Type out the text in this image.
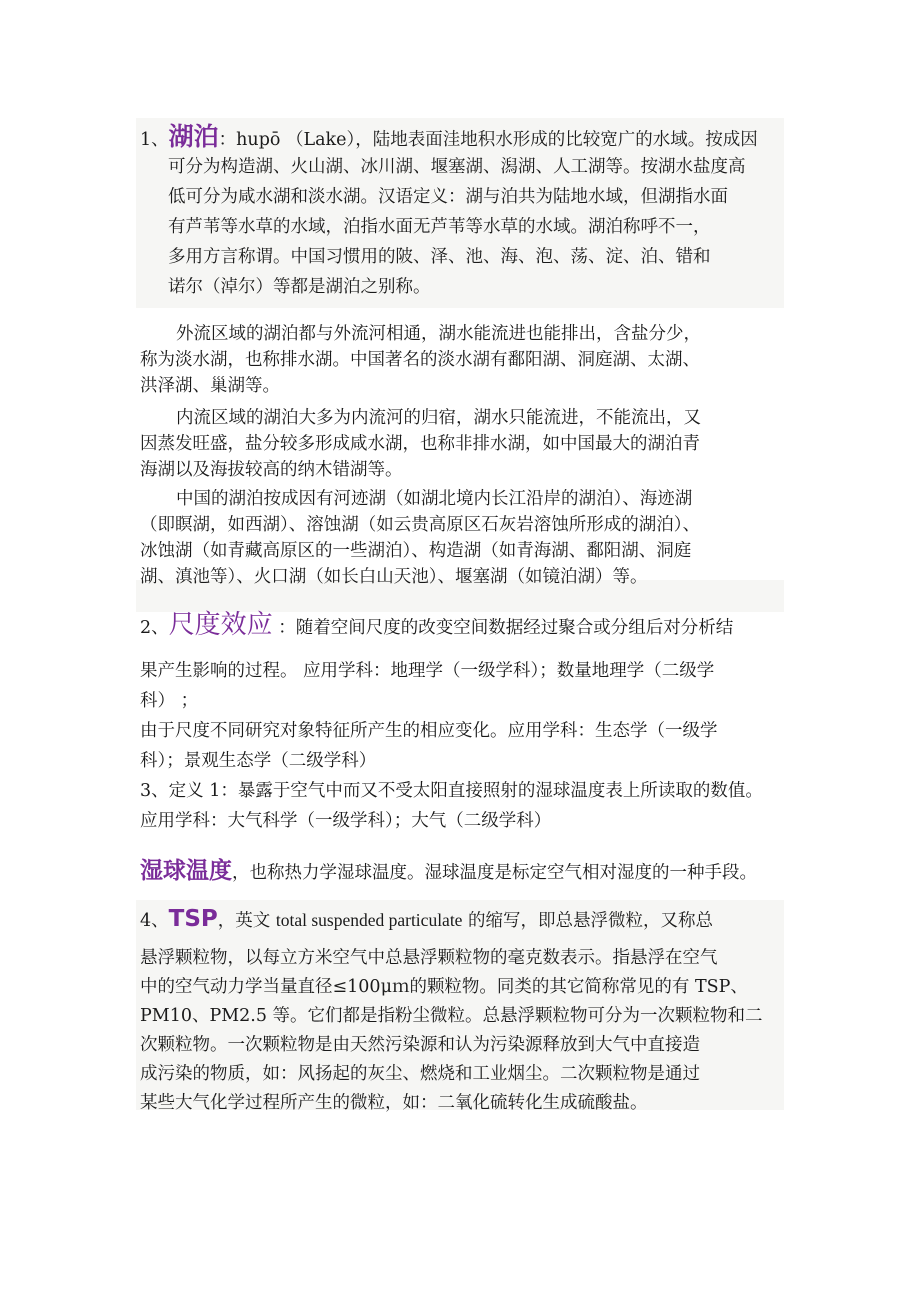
1、湖泊：hupō （Lake），陆地表面洼地积水形成的比较宽广的水域。按成因
可分为构造湖、火山湖、冰川湖、堰塞湖、潟湖、人工湖等。按湖水盐度高
低可分为咸水湖和淡水湖。汉语定义：湖与泊共为陆地水域，但湖指水面
有芦苇等水草的水域，泊指水面无芦苇等水草的水域。湖泊称呼不一，
多用方言称谓。中国习惯用的陂、泽、池、海、泡、荡、淀、泊、错和
诺尔（淖尔）等都是湖泊之别称。
外流区域的湖泊都与外流河相通，湖水能流进也能排出，含盐分少，
称为淡水湖，也称排水湖。中国著名的淡水湖有鄱阳湖、洞庭湖、太湖、
洪泽湖、巢湖等。
内流区域的湖泊大多为内流河的归宿，湖水只能流进，不能流出，又
因蒸发旺盛，盐分较多形成咸水湖，也称非排水湖，如中国最大的湖泊青
海湖以及海拔较高的纳木错湖等。
中国的湖泊按成因有河迹湖（如湖北境内长江沿岸的湖泊）、海迹湖
（即瞑湖，如西湖）、溶蚀湖（如云贵高原区石灰岩溶蚀所形成的湖泊）、
冰蚀湖（如青藏高原区的一些湖泊）、构造湖（如青海湖、鄱阳湖、洞庭
湖、滇池等）、火口湖（如长白山天池）、堰塞湖（如镜泊湖）等。
2、尺度效应 ：随着空间尺度的改变空间数据经过聚合或分组后对分析结
果产生影响的过程。 应用学科：地理学（一级学科）；数量地理学（二级学
科） ；
由于尺度不同研究对象特征所产生的相应变化。应用学科：生态学（一级学
科）；景观生态学（二级学科）
3、定义 1：暴露于空气中而又不受太阳直接照射的湿球温度表上所读取的数值。
应用学科：大气科学（一级学科）；大气（二级学科）
湿球温度，也称热力学湿球温度。湿球温度是标定空气相对湿度的一种手段。
4、TSP，英文 total suspended particulate 的缩写，即总悬浮微粒，又称总
悬浮颗粒物，以每立方米空气中总悬浮颗粒物的毫克数表示。指悬浮在空气
中的空气动力学当量直径≤100μｍ的颗粒物。同类的其它简称常见的有 TSP、
PM10、PM2.5 等。它们都是指粉尘微粒。总悬浮颗粒物可分为一次颗粒物和二
次颗粒物。一次颗粒物是由天然污染源和认为污染源释放到大气中直接造
成污染的物质，如：风扬起的灰尘、燃烧和工业烟尘。二次颗粒物是通过
某些大气化学过程所产生的微粒，如：二氧化硫转化生成硫酸盐。
